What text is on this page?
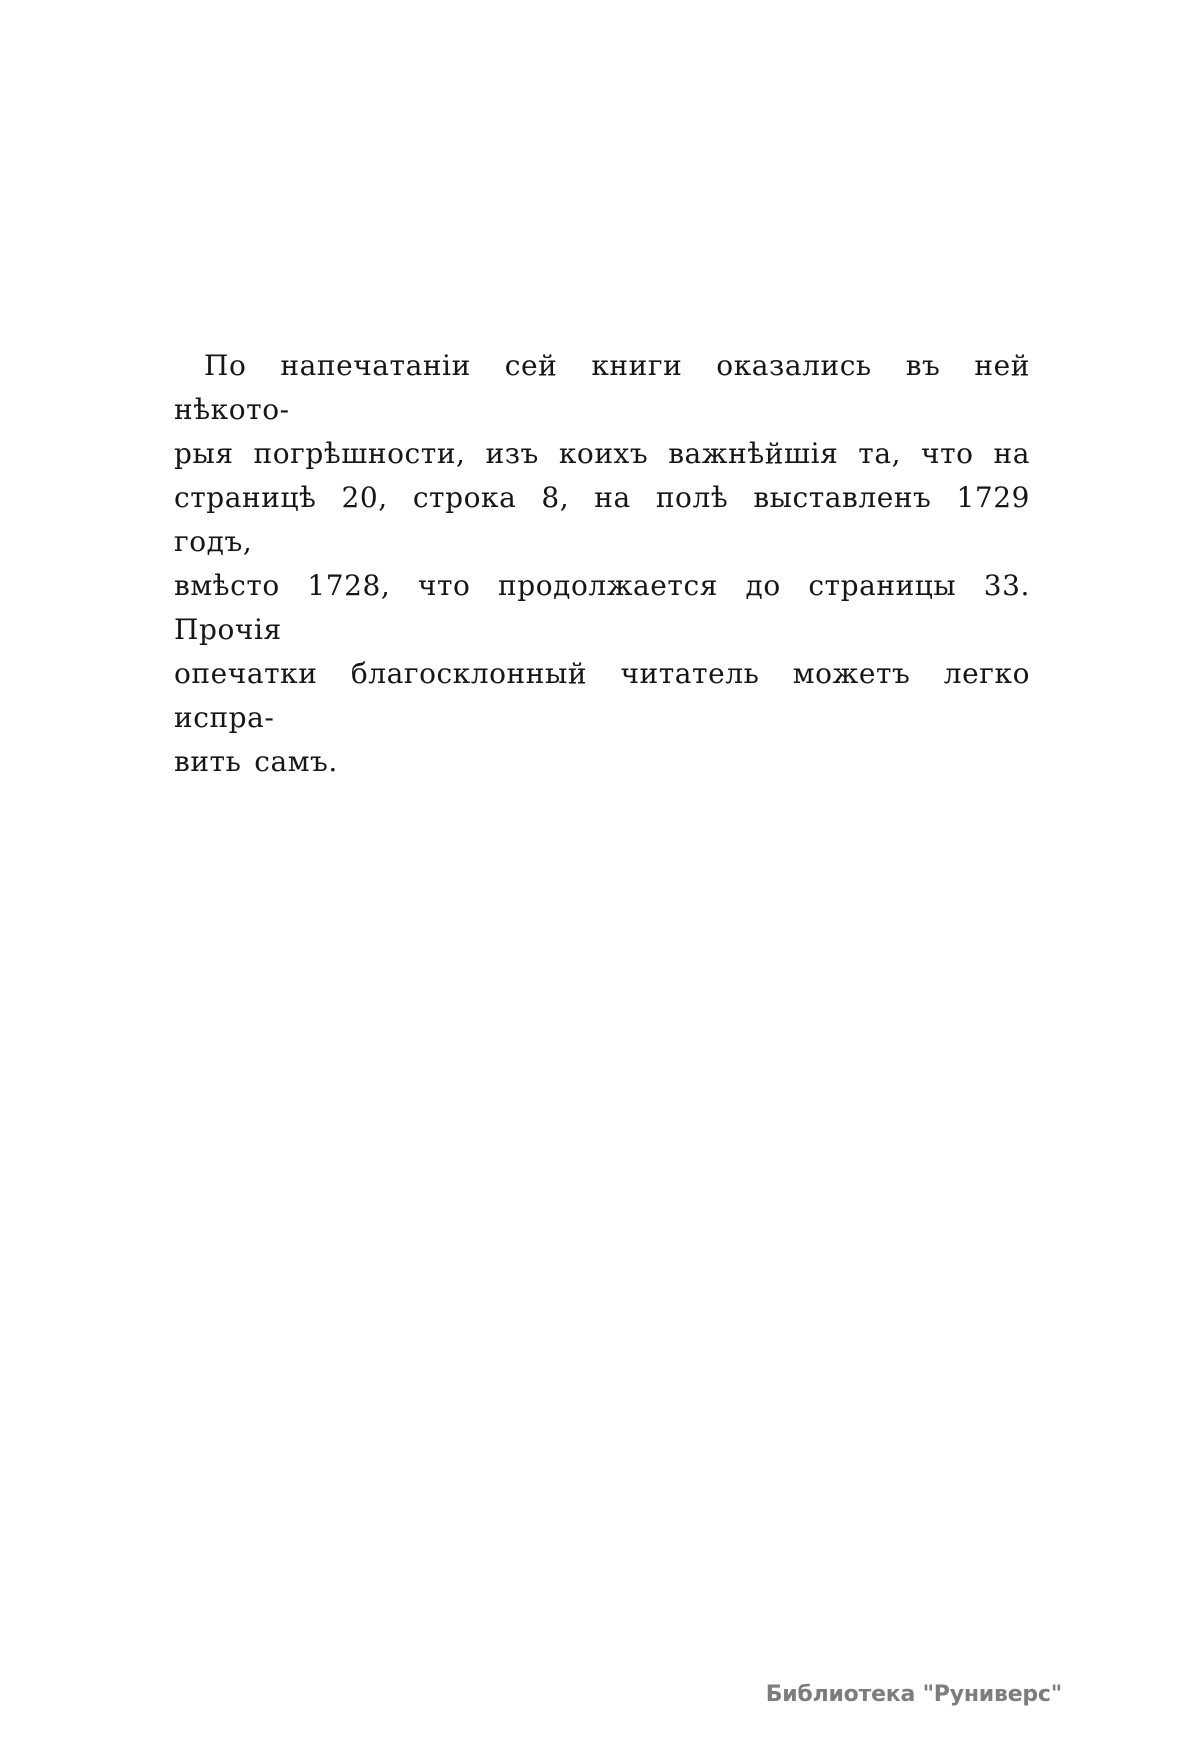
По напечатаніи сей книги оказались въ ней нѣкото-
рыя погрѣшности, изъ коихъ важнѣйшія та, что на
страницѣ 20, строка 8, на полѣ выставленъ 1729 годъ,
вмѣсто 1728, что продолжается до страницы 33. Прочія
опечатки благосклонный читатель можетъ легко испра-
вить самъ.
Библиотека "Руниверс"
